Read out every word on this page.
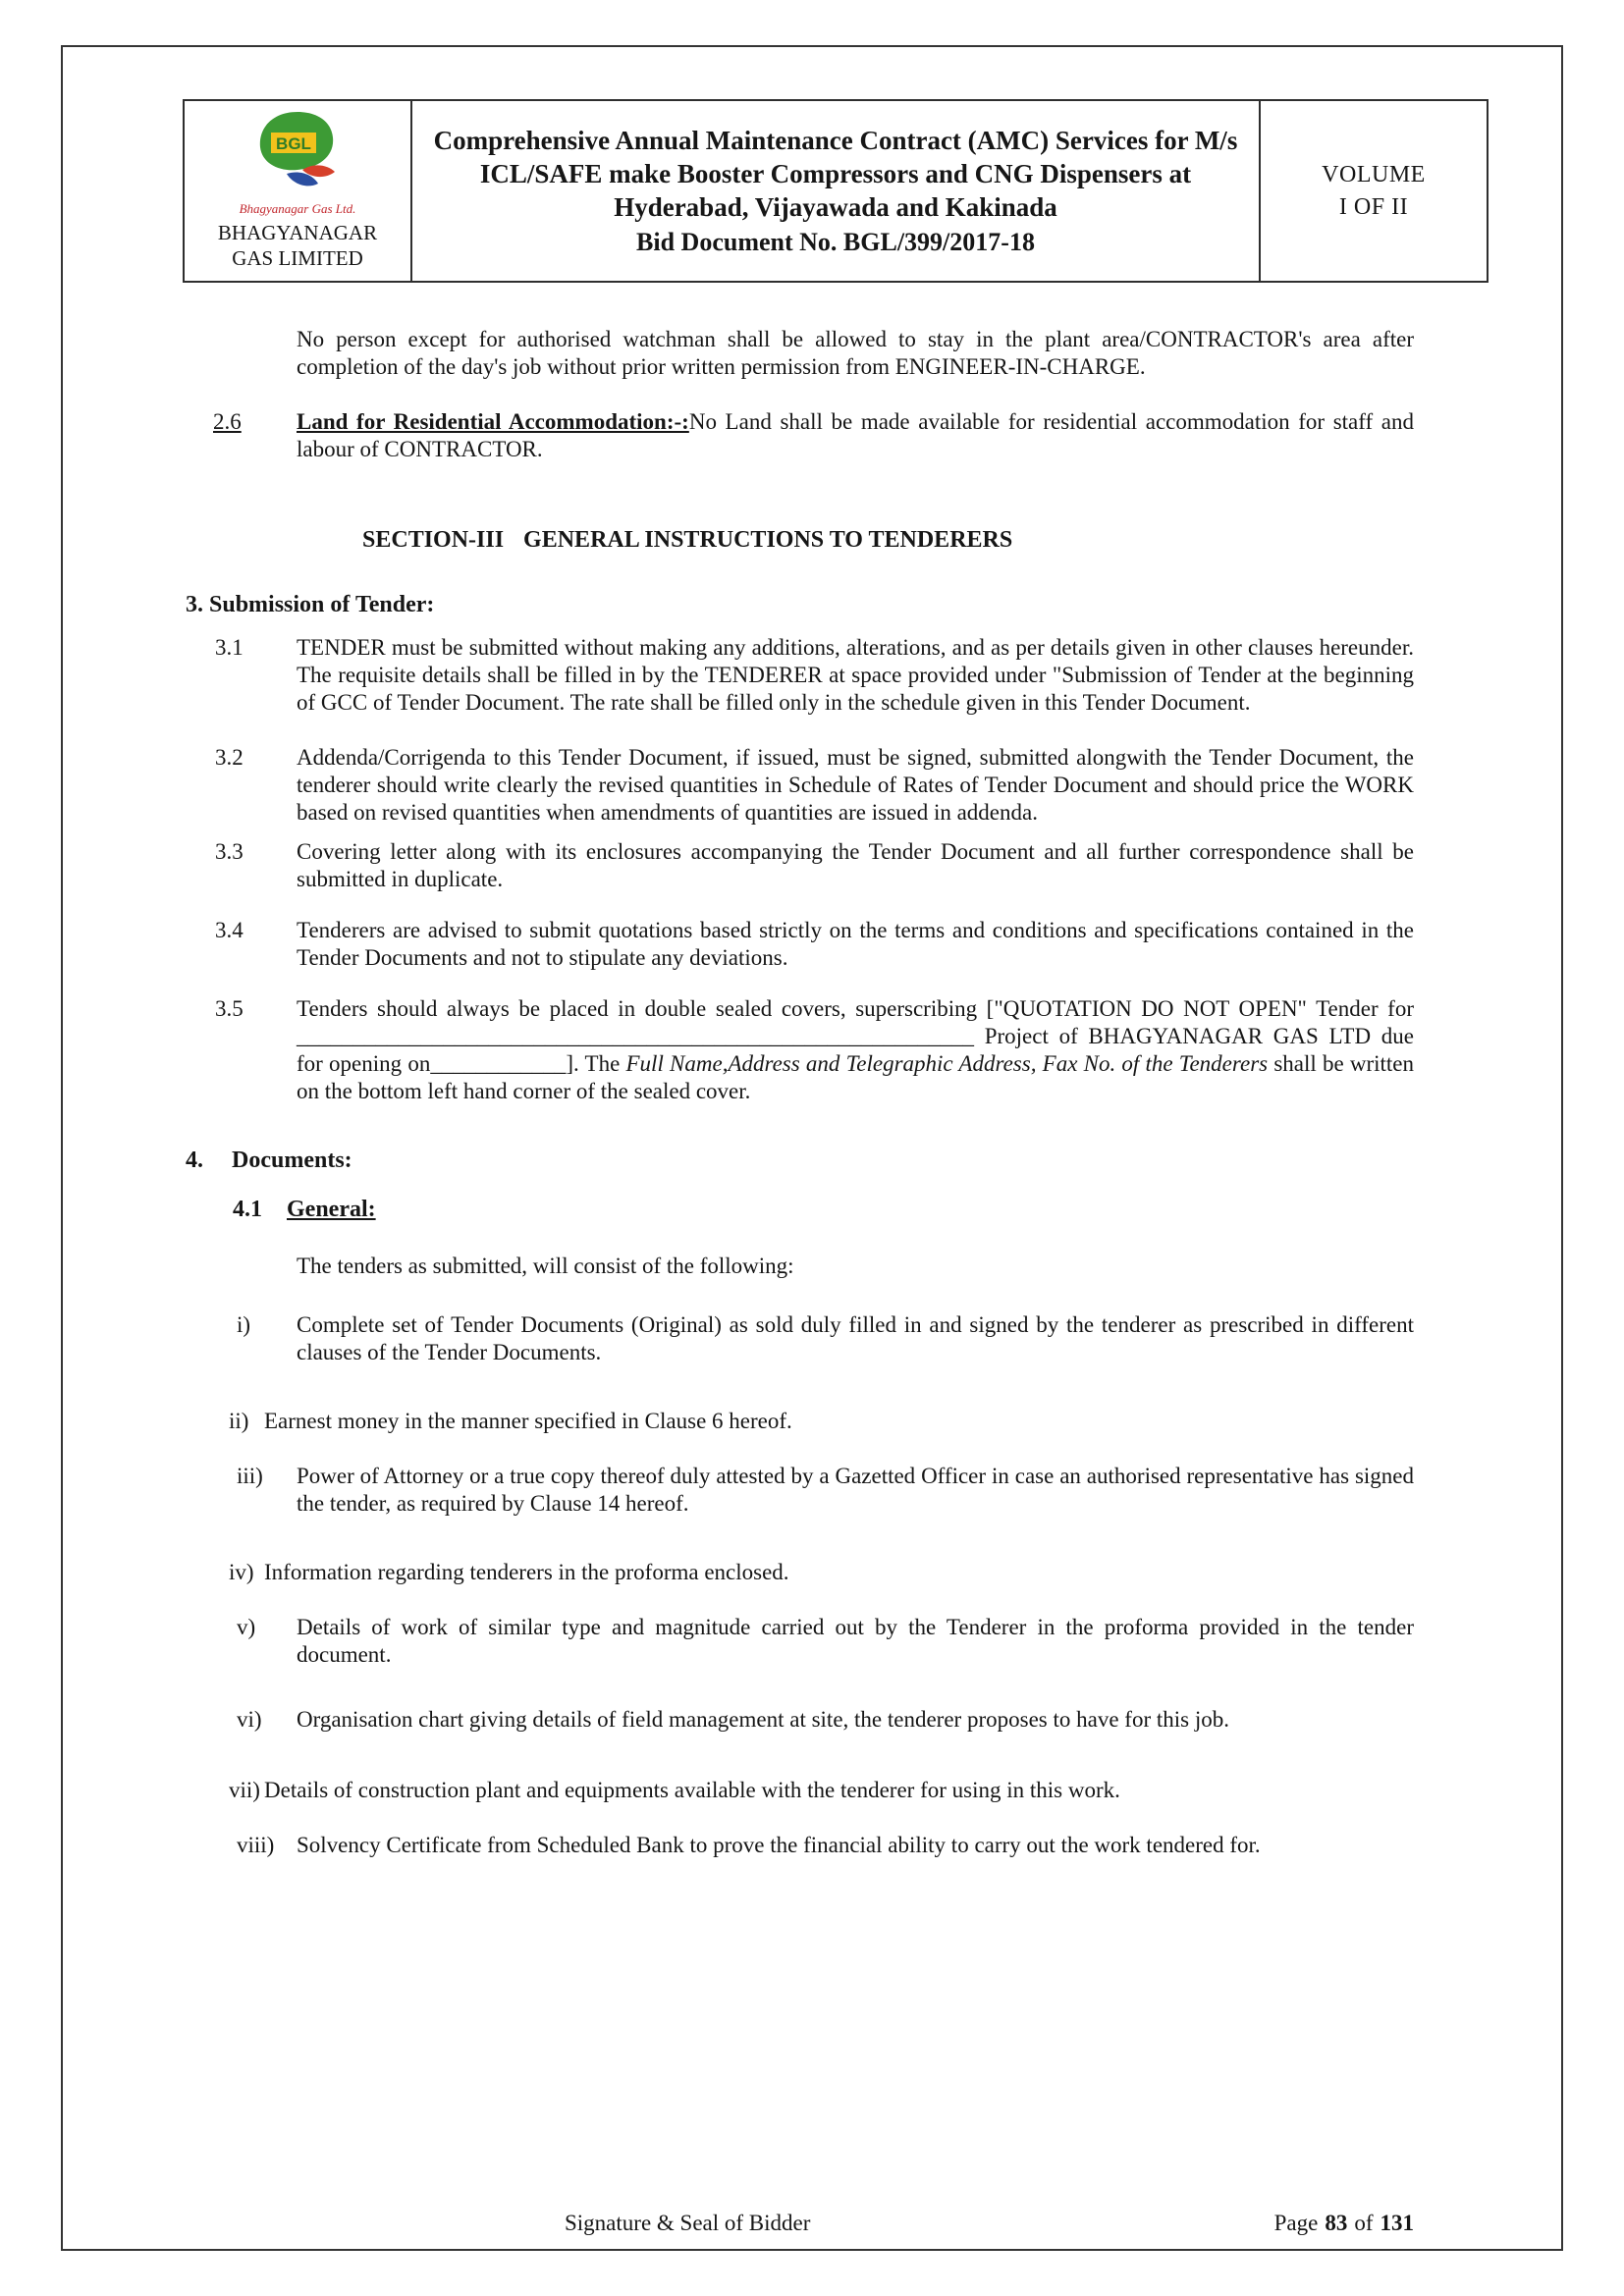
BGL
Bhagyanagar Gas Ltd.
BHAGYANAGAR
GAS LIMITED

Comprehensive Annual Maintenance Contract (AMC) Services for M/s ICL/SAFE make Booster Compressors and CNG Dispensers at Hyderabad, Vijayawada and Kakinada
Bid Document No. BGL/399/2017-18

VOLUME
I OF II

No person except for authorised watchman shall be allowed to stay in the plant area/CONTRACTOR's area after completion of the day's job without prior written permission from ENGINEER-IN-CHARGE.

2.6	Land for Residential Accommodation:-:No Land shall be made available for residential accommodation for staff and labour of CONTRACTOR.

SECTION-III GENERAL INSTRUCTIONS TO TENDERERS
3. Submission of Tender:
3.1	TENDER must be submitted without making any additions, alterations, and as per details given in other clauses hereunder. The requisite details shall be filled in by the TENDERER at space provided under "Submission of Tender at the beginning of GCC of Tender Document. The rate shall be filled only in the schedule given in this Tender Document.

3.2	Addenda/Corrigenda to this Tender Document, if issued, must be signed, submitted alongwith the Tender Document, the tenderer should write clearly the revised quantities in Schedule of Rates of Tender Document and should price the WORK based on revised quantities when amendments of quantities are issued in addenda.

3.3	Covering letter along with its enclosures accompanying the Tender Document and all further correspondence shall be submitted in duplicate.

3.4	Tenderers are advised to submit quotations based strictly on the terms and conditions and specifications contained in the Tender Documents and not to stipulate any deviations.

3.5	Tenders should always be placed in double sealed covers, superscribing ["QUOTATION DO NOT OPEN" Tender for ____________________________________________________________ Project of BHAGYANAGAR GAS LTD due for opening on____________]. The Full Name,Address and Telegraphic Address, Fax No. of the Tenderers shall be written on the bottom left hand corner of the sealed cover.

4.	Documents:
4.1	General:

The tenders as submitted, will consist of the following:

i)	Complete set of Tender Documents (Original) as sold duly filled in and signed by the tenderer as prescribed in different clauses of the Tender Documents.

ii) Earnest money in the manner specified in Clause 6 hereof.

iii)	Power of Attorney or a true copy thereof duly attested by a Gazetted Officer in case an authorised representative has signed the tender, as required by Clause 14 hereof.

iv) Information regarding tenderers in the proforma enclosed.

v)	Details of work of similar type and magnitude carried out by the Tenderer in the proforma provided in the tender document.

vi)	Organisation chart giving details of field management at site, the tenderer proposes to have for this job.

vii) Details of construction plant and equipments available with the tenderer for using in this work.

viii) Solvency Certificate from Scheduled Bank to prove the financial ability to carry out the work tendered for.

Signature & Seal of Bidder	Page 83 of 131
